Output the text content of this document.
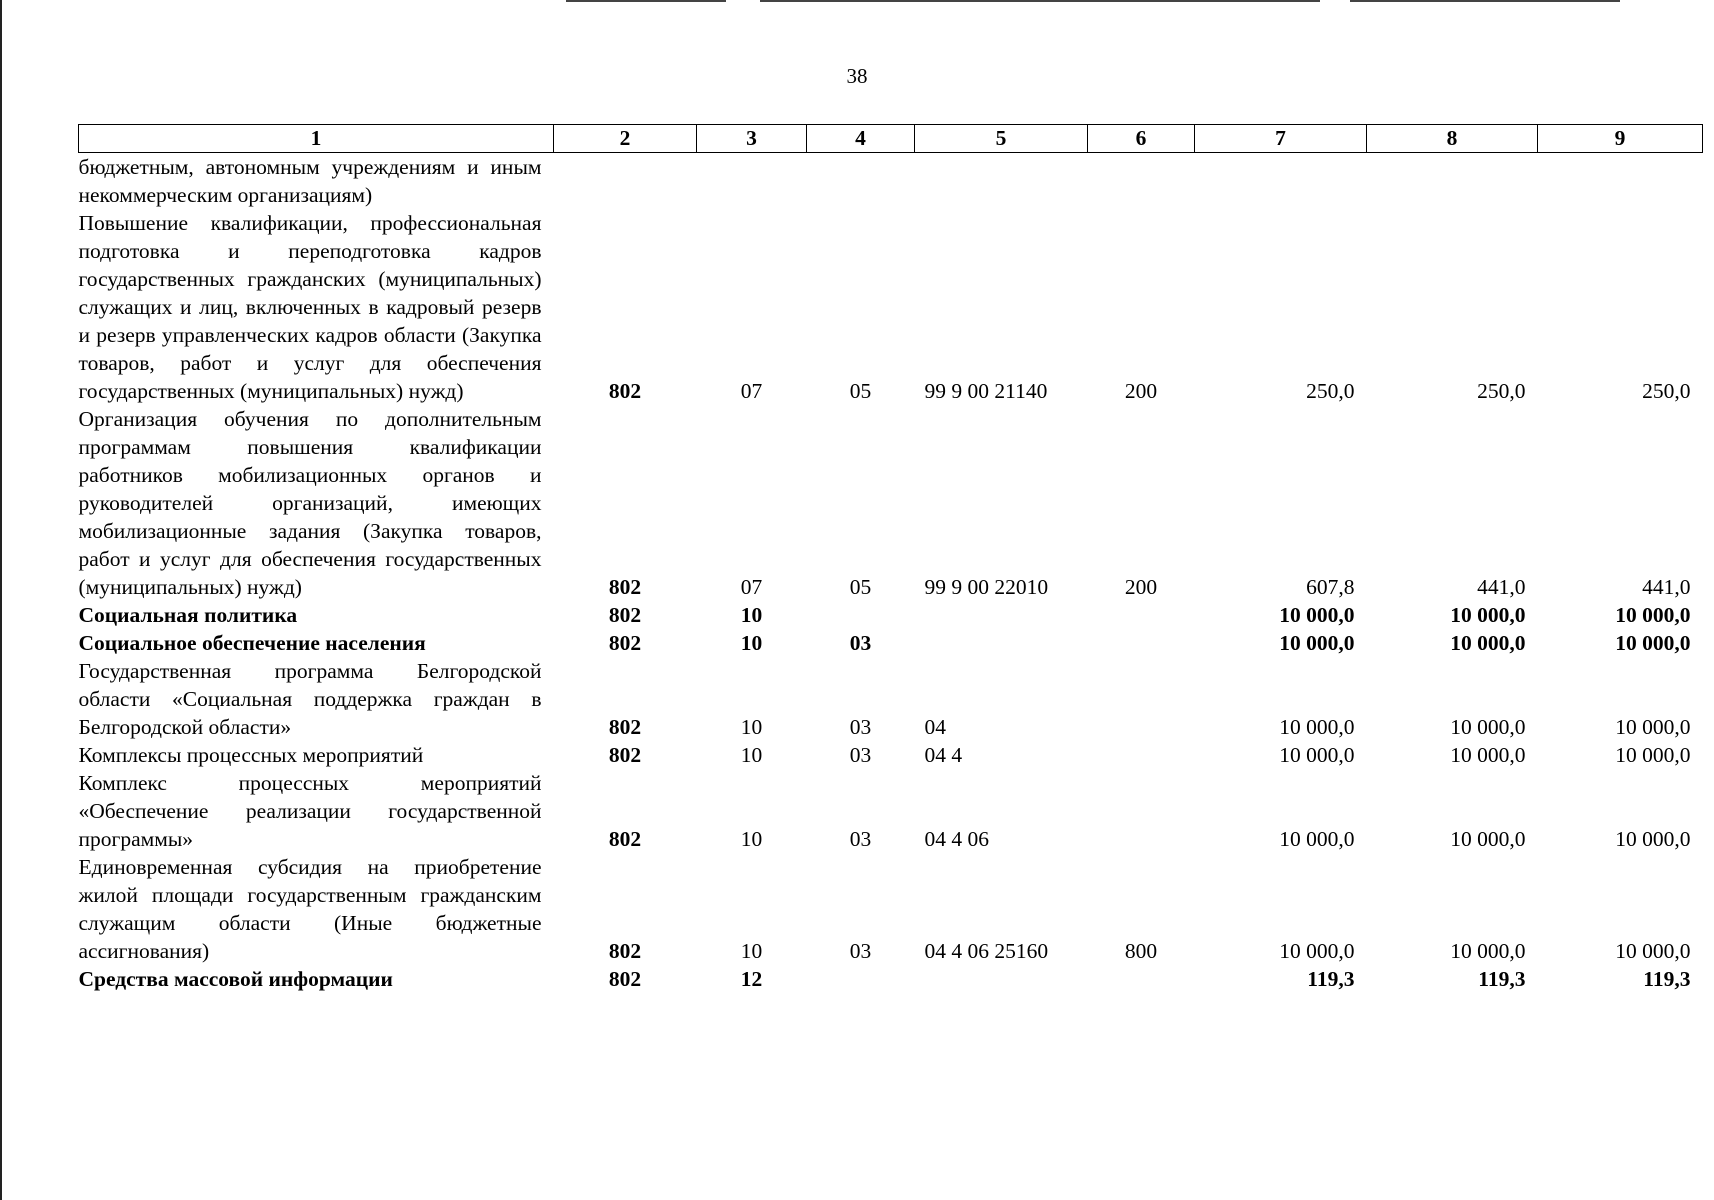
38
1	2	3	4	5	6	7	8	9
бюджетным, автономным учреждениям и иным некоммерческим организациям)								
Повышение квалификации, профессиональная подготовка и переподготовка кадров государственных гражданских (муниципальных) служащих и лиц, включенных в кадровый резерв и резерв управленческих кадров области (Закупка товаров, работ и услуг для обеспечения государственных (муниципальных) нужд)	802	07	05	99 9 00 21140	200	250,0	250,0	250,0
Организация обучения по дополнительным программам повышения квалификации работников мобилизационных органов и руководителей организаций, имеющих мобилизационные задания (Закупка товаров, работ и услуг для обеспечения государственных (муниципальных) нужд)	802	07	05	99 9 00 22010	200	607,8	441,0	441,0
Социальная политика	802	10				10 000,0	10 000,0	10 000,0
Социальное обеспечение населения	802	10	03			10 000,0	10 000,0	10 000,0
Государственная программа Белгородской области «Социальная поддержка граждан в Белгородской области»	802	10	03	04		10 000,0	10 000,0	10 000,0
Комплексы процессных мероприятий	802	10	03	04 4		10 000,0	10 000,0	10 000,0
Комплекс процессных мероприятий «Обеспечение реализации государственной программы»	802	10	03	04 4 06		10 000,0	10 000,0	10 000,0
Единовременная субсидия на приобретение жилой площади государственным гражданским служащим области (Иные бюджетные ассигнования)	802	10	03	04 4 06 25160	800	10 000,0	10 000,0	10 000,0
Средства массовой информации	802	12				119,3	119,3	119,3
